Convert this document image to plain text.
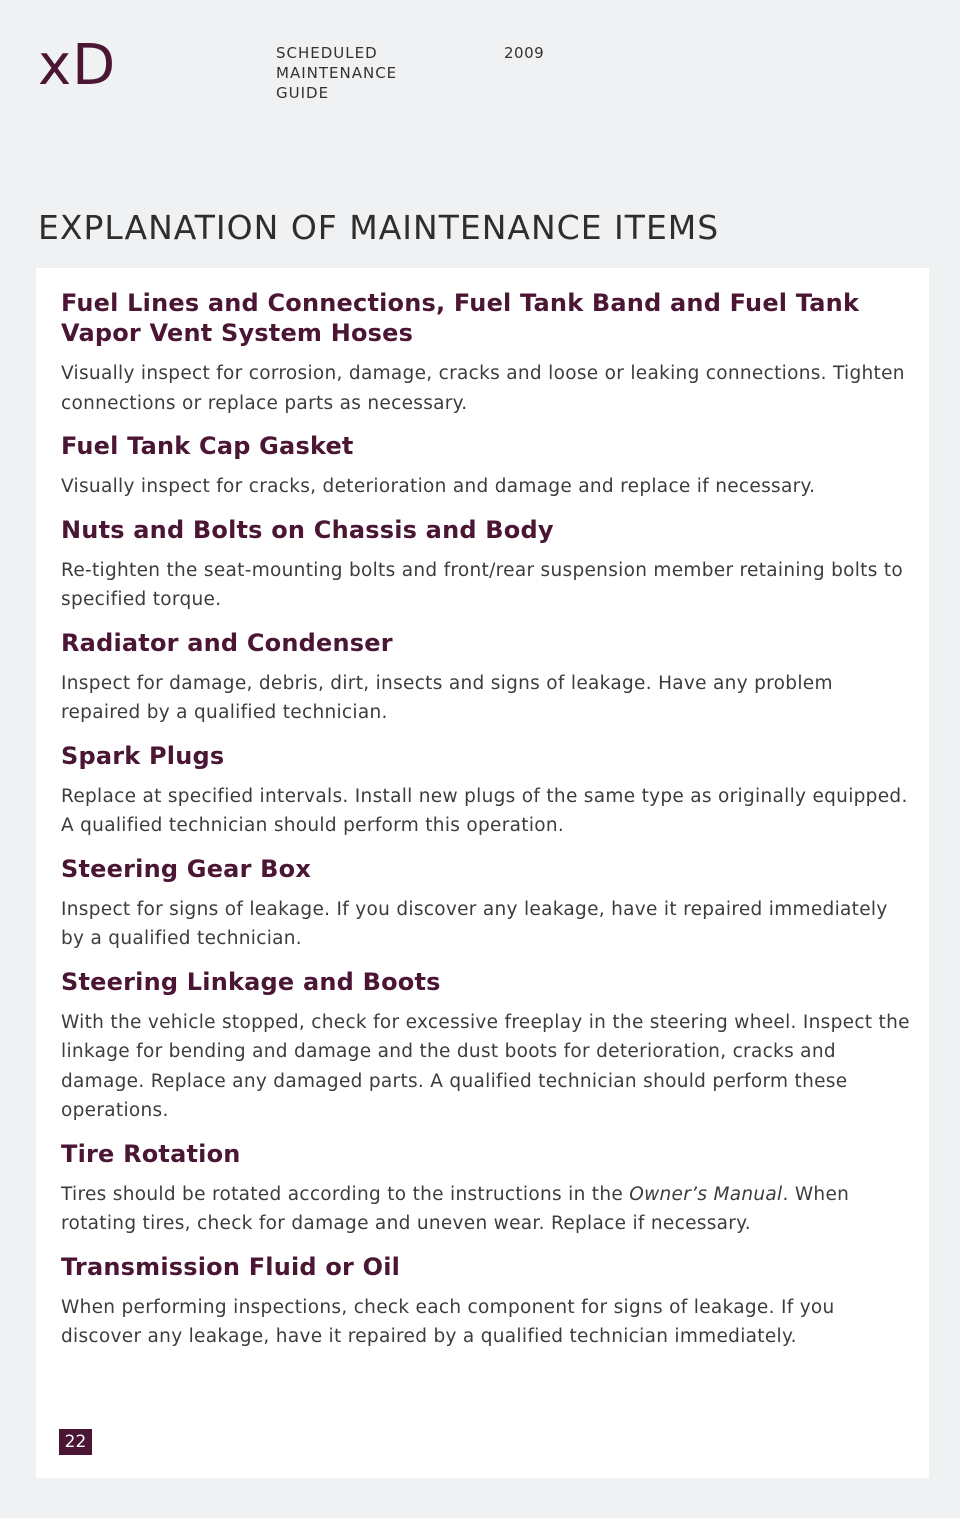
xD	SCHEDULED
MAINTENANCE
GUIDE
2009
EXPLANATION OF MAINTENANCE ITEMS
Fuel Lines and Connections, Fuel Tank Band and Fuel Tank Vapor Vent System Hoses

Visually inspect for corrosion, damage, cracks and loose or leaking connections. Tighten connections or replace parts as necessary.

Fuel Tank Cap Gasket

Visually inspect for cracks, deterioration and damage and replace if necessary.

Nuts and Bolts on Chassis and Body

Re-tighten the seat-mounting bolts and front/rear suspension member retaining bolts to specified torque.

Radiator and Condenser

Inspect for damage, debris, dirt, insects and signs of leakage. Have any problem repaired by a qualified technician.

Spark Plugs

Replace at specified intervals. Install new plugs of the same type as originally equipped. A qualified technician should perform this operation.

Steering Gear Box

Inspect for signs of leakage. If you discover any leakage, have it repaired immediately by a qualified technician.

Steering Linkage and Boots

With the vehicle stopped, check for excessive freeplay in the steering wheel. Inspect the linkage for bending and damage and the dust boots for deterioration, cracks and damage. Replace any damaged parts. A qualified technician should perform these operations.

Tire Rotation

Tires should be rotated according to the instructions in the Owner’s Manual. When rotating tires, check for damage and uneven wear. Replace if necessary.

Transmission Fluid or Oil

When performing inspections, check each component for signs of leakage. If you discover any leakage, have it repaired by a qualified technician immediately.

22
